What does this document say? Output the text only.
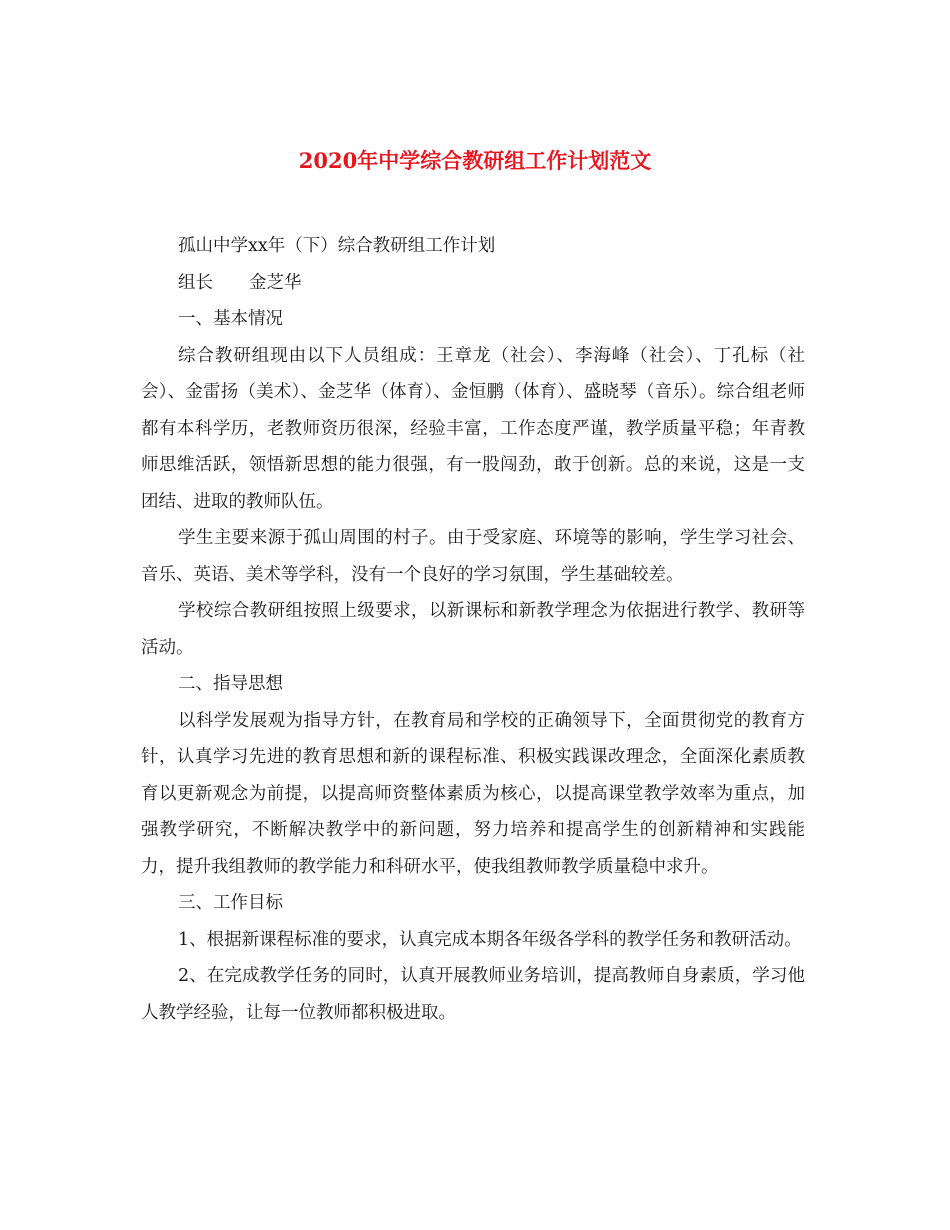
2020年中学综合教研组工作计划范文

孤山中学xx年（下）综合教研组工作计划

组长 金芝华

一、基本情况

综合教研组现由以下人员组成：王章龙（社会）、李海峰（社会）、丁孔标（社会）、金雷扬（美术）、金芝华（体育）、金恒鹏（体育）、盛晓琴（音乐）。综合组老师都有本科学历，老教师资历很深，经验丰富，工作态度严谨，教学质量平稳；年青教师思维活跃，领悟新思想的能力很强，有一股闯劲，敢于创新。总的来说，这是一支团结、进取的教师队伍。

学生主要来源于孤山周围的村子。由于受家庭、环境等的影响，学生学习社会、音乐、英语、美术等学科，没有一个良好的学习氛围，学生基础较差。

学校综合教研组按照上级要求，以新课标和新教学理念为依据进行教学、教研等活动。

二、指导思想

以科学发展观为指导方针，在教育局和学校的正确领导下，全面贯彻党的教育方针，认真学习先进的教育思想和新的课程标准、积极实践课改理念，全面深化素质教育以更新观念为前提，以提高师资整体素质为核心，以提高课堂教学效率为重点，加强教学研究，不断解决教学中的新问题，努力培养和提高学生的创新精神和实践能力，提升我组教师的教学能力和科研水平，使我组教师教学质量稳中求升。

三、工作目标

1、根据新课程标准的要求，认真完成本期各年级各学科的教学任务和教研活动。

2、在完成教学任务的同时，认真开展教师业务培训，提高教师自身素质，学习他人教学经验，让每一位教师都积极进取。
